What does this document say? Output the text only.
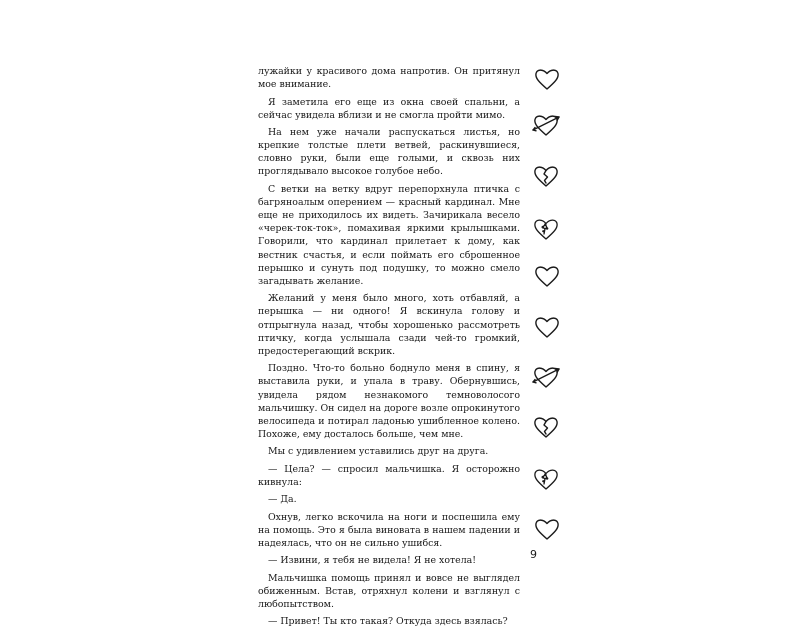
лужайки у красивого дома напротив. Он притянул мое внимание.

Я заметила его еще из окна своей спальни, а сейчас увидела вблизи и не смогла пройти мимо.

На нем уже начали распускаться листья, но крепкие толстые плети ветвей, раскинувшиеся, словно руки, были еще голыми, и сквозь них проглядывало высокое голубое небо.

С ветки на ветку вдруг перепорхнула птичка с багряноалым оперением — красный кардинал. Мне еще не приходилось их видеть. Зачирикала весело «черек-ток-ток», помахивая яркими крылышками. Говорили, что кардинал прилетает к дому, как вестник счастья, и если поймать его сброшенное перышко и сунуть под подушку, то можно смело загадывать желание.

Желаний у меня было много, хоть отбавляй, а перышка — ни одного! Я вскинула голову и отпрыгнула назад, чтобы хорошенько рассмотреть птичку, когда услышала сзади чей-то громкий, предостерегающий вскрик.

Поздно. Что-то больно боднуло меня в спину, я выставила руки, и упала в траву. Обернувшись, увидела рядом незнакомого темноволосого мальчишку. Он сидел на дороге возле опрокинутого велосипеда и потирал ладонью ушибленное колено. Похоже, ему досталось больше, чем мне.

Мы с удивлением уставились друг на друга.

— Цела? — спросил мальчишка. Я осторожно кивнула:

— Да.

Охнув, легко вскочила на ноги и поспешила ему на помощь. Это я была виновата в нашем падении и надеялась, что он не сильно ушибся.

— Извини, я тебя не видела! Я не хотела!

Мальчишка помощь принял и вовсе не выглядел обиженным. Встав, отряхнул колени и взглянул с любопытством.

— Привет! Ты кто такая? Откуда здесь взялась?

9
